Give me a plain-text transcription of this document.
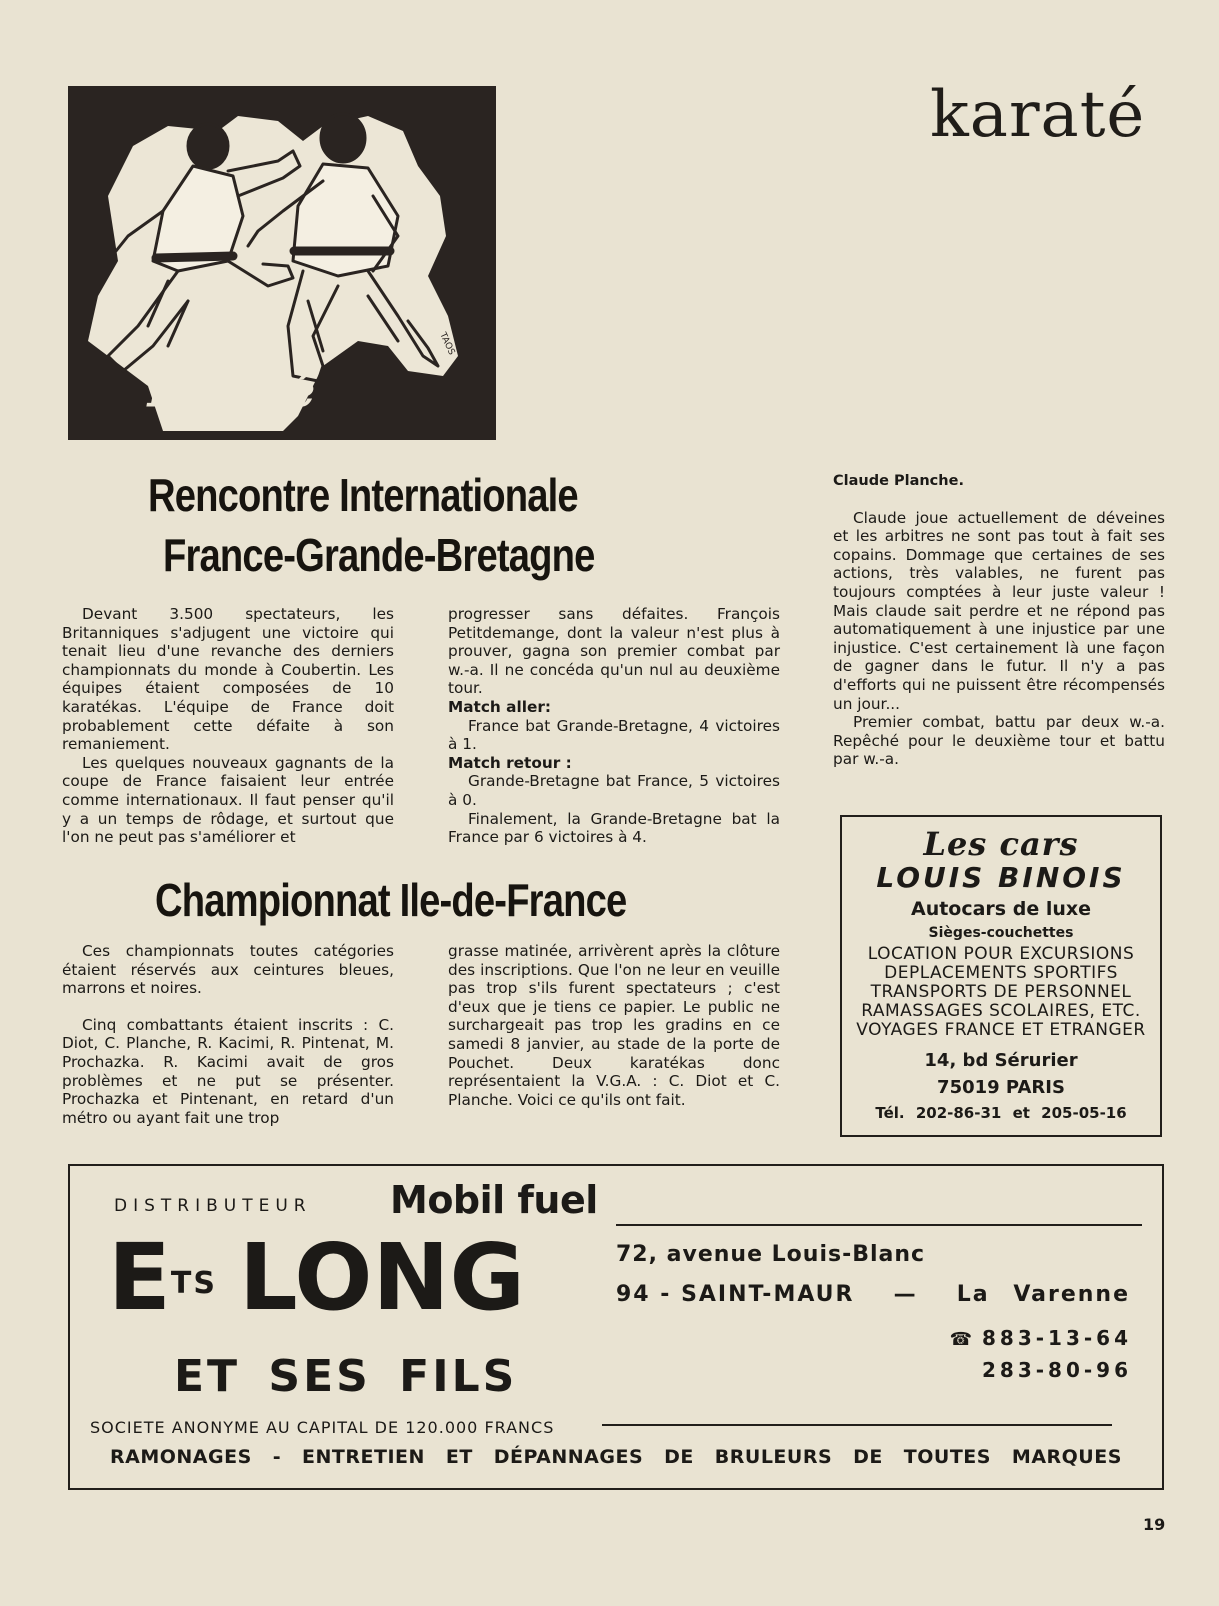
karaté
Karaté
TAOS
Rencontre Internationale
France-Grande-Bretagne

Devant 3.500 spectateurs, les Britanniques s'adjugent une victoire qui tenait lieu d'une revanche des derniers championnats du monde à Coubertin. Les équipes étaient composées de 10 karatékas. L'équipe de France doit probablement cette défaite à son remaniement.

Les quelques nouveaux gagnants de la coupe de France faisaient leur entrée comme internationaux. Il faut penser qu'il y a un temps de rôdage, et surtout que l'on ne peut pas s'améliorer et

progresser sans défaites. François Petitdemange, dont la valeur n'est plus à prouver, gagna son premier combat par w.-a. Il ne concéda qu'un nul au deuxième tour.

Match aller:

France bat Grande-Bretagne, 4 victoires à 1.

Match retour :

Grande-Bretagne bat France, 5 victoires à 0.

Finalement, la Grande-Bretagne bat la France par 6 victoires à 4.

Championnat Ile-de-France

Ces championnats toutes catégories étaient réservés aux ceintures bleues, marrons et noires.

Cinq combattants étaient inscrits : C. Diot, C. Planche, R. Kacimi, R. Pintenat, M. Prochazka. R. Kacimi avait de gros problèmes et ne put se présenter. Prochazka et Pintenant, en retard d'un métro ou ayant fait une trop

grasse matinée, arrivèrent après la clôture des inscriptions. Que l'on ne leur en veuille pas trop s'ils furent spectateurs ; c'est d'eux que je tiens ce papier. Le public ne surchargeait pas trop les gradins en ce samedi 8 janvier, au stade de la porte de Pouchet. Deux karatékas donc représentaient la V.G.A. : C. Diot et C. Planche. Voici ce qu'ils ont fait.

Claude Planche.

Claude joue actuellement de déveines et les arbitres ne sont pas tout à fait ses copains. Dommage que certaines de ses actions, très valables, ne furent pas toujours comptées à leur juste valeur ! Mais claude sait perdre et ne répond pas automatiquement à une injustice par une injustice. C'est certainement là une façon de gagner dans le futur. Il n'y a pas d'efforts qui ne puissent être récompensés un jour...

Premier combat, battu par deux w.-a. Repêché pour le deuxième tour et battu par w.-a.

Les cars
LOUIS BINOIS
Autocars de luxe
Sièges-couchettes
LOCATION POUR EXCURSIONS
DEPLACEMENTS SPORTIFS
TRANSPORTS DE PERSONNEL
RAMASSAGES SCOLAIRES, ETC.
VOYAGES FRANCE ET ETRANGER
14, bd Sérurier
75019 PARIS
Tél. 202-86-31 et 205-05-16
DISTRIBUTEUR Mobil fuel
$E^{TS}$ LONG
ET SES FILS
SOCIETE ANONYME AU CAPITAL DE 120.000 FRANCS
72, avenue Louis-Blanc
94 - SAINT-MAUR — La Varenne
☎ 883-13-64
283-80-96
RAMONAGES - ENTRETIEN ET DÉPANNAGES DE BRULEURS DE TOUTES MARQUES
19
